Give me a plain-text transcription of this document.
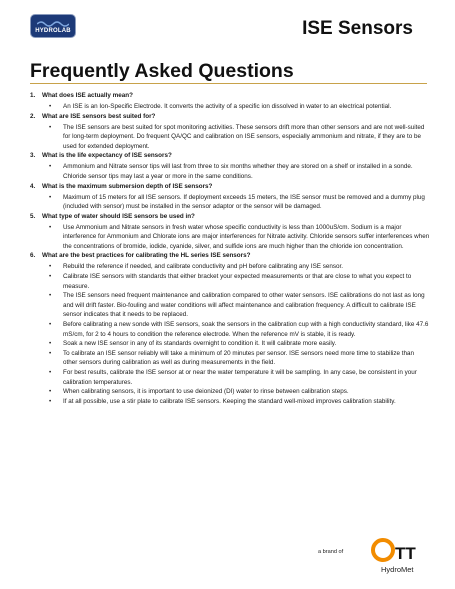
HYDROLAB	ISE Sensors
Frequently Asked Questions
1.	What does ISE actually mean?
• An ISE is an Ion-Specific Electrode. It converts the activity of a specific ion dissolved in water to an electrical potential.
2.	What are ISE sensors best suited for?
• The ISE sensors are best suited for spot monitoring activities. These sensors drift more than other sensors and are not well-suited for long-term deployment. Do frequent QA/QC and calibration on ISE sensors, especially ammonium and nitrate, if they are to be used for extended deployment.
3.	What is the life expectancy of ISE sensors?
• Ammonium and Nitrate sensor tips will last from three to six months whether they are stored on a shelf or installed in a sonde. Chloride sensor tips may last a year or more in the same conditions.
4.	What is the maximum submersion depth of ISE sensors?
• Maximum of 15 meters for all ISE sensors. If deployment exceeds 15 meters, the ISE sensor must be removed and a dummy plug (included with sensor) must be installed in the sensor adaptor or the sensor will be damaged.
5.	What type of water should ISE sensors be used in?
• Use Ammonium and Nitrate sensors in fresh water whose specific conductivity is less than 1000uS/cm. Sodium is a major interference for Ammonium and Chlorate ions are major interferences for Nitrate activity. Chloride sensors suffer interferences when the concentrations of bromide, iodide, cyanide, silver, and sulfide ions are much higher than the chloride ion concentration.
6.	What are the best practices for calibrating the HL series ISE sensors?
• Rebuild the reference if needed, and calibrate conductivity and pH before calibrating any ISE sensor.
• Calibrate ISE sensors with standards that either bracket your expected measurements or that are close to what you expect to measure.
• The ISE sensors need frequent maintenance and calibration compared to other water sensors. ISE calibrations do not last as long and will drift faster. Bio-fouling and water conditions will affect maintenance and calibration frequency. A difficult to calibrate ISE sensor indicates that it needs to be replaced.
• Before calibrating a new sonde with ISE sensors, soak the sensors in the calibration cup with a high conductivity standard, like 47.6 mS/cm, for 2 to 4 hours to condition the reference electrode. When the reference mV is stable, it is ready.
• Soak a new ISE sensor in any of its standards overnight to condition it. It will calibrate more easily.
• To calibrate an ISE sensor reliably will take a minimum of 20 minutes per sensor. ISE sensors need more time to stabilize than other sensors during calibration as well as during measurements in the field.
• For best results, calibrate the ISE sensor at or near the water temperature it will be sampling. In any case, be consistent in your calibration temperatures.
• When calibrating sensors, it is important to use deionized (DI) water to rinse between calibration steps.
• If at all possible, use a stir plate to calibrate ISE sensors. Keeping the standard well-mixed improves calibration stability.
a brand of	TT
HydroMet
